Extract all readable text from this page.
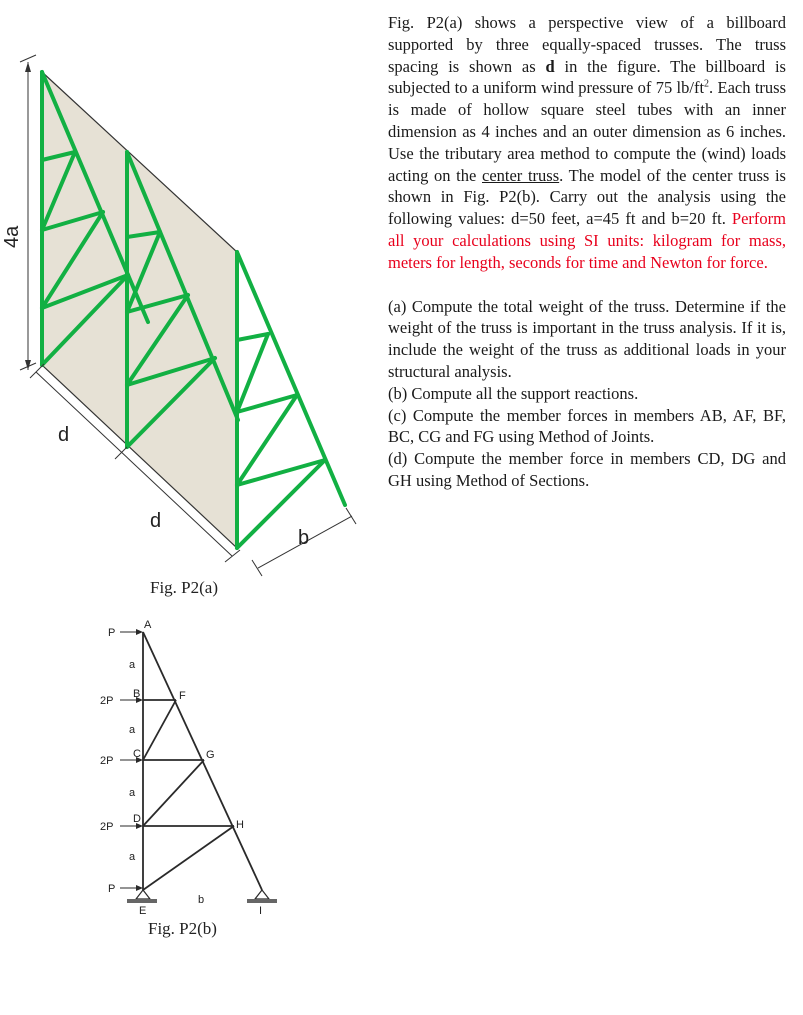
4a
d
d
b
Fig. P2(a)
P
2P
2P
2P
P
a
a
a
a
A
B
C
D
E
F
G
H
I
b
Fig. P2(b)

Fig. P2(a) shows a perspective view of a billboard supported by three equally-spaced trusses. The truss spacing is shown as d in the figure. The billboard is subjected to a uniform wind pressure of 75 $lb/ft^2$. Each truss is made of hollow square steel tubes with an inner dimension as 4 inches and an outer dimension as 6 inches. Use the tributary area method to compute the (wind) loads acting on the center truss. The model of the center truss is shown in Fig. P2(b). Carry out the analysis using the following values: d=50 feet, a=45 ft and b=20 ft. Perform all your calculations using SI units: kilogram for mass, meters for length, seconds for time and Newton for force.

(a) Compute the total weight of the truss. Determine if the weight of the truss is important in the truss analysis. If it is, include the weight of the truss as additional loads in your structural analysis.
(b) Compute all the support reactions.
(c) Compute the member forces in members AB, AF, BF, BC, CG and FG using Method of Joints.
(d) Compute the member force in members CD, DG and GH using Method of Sections.
